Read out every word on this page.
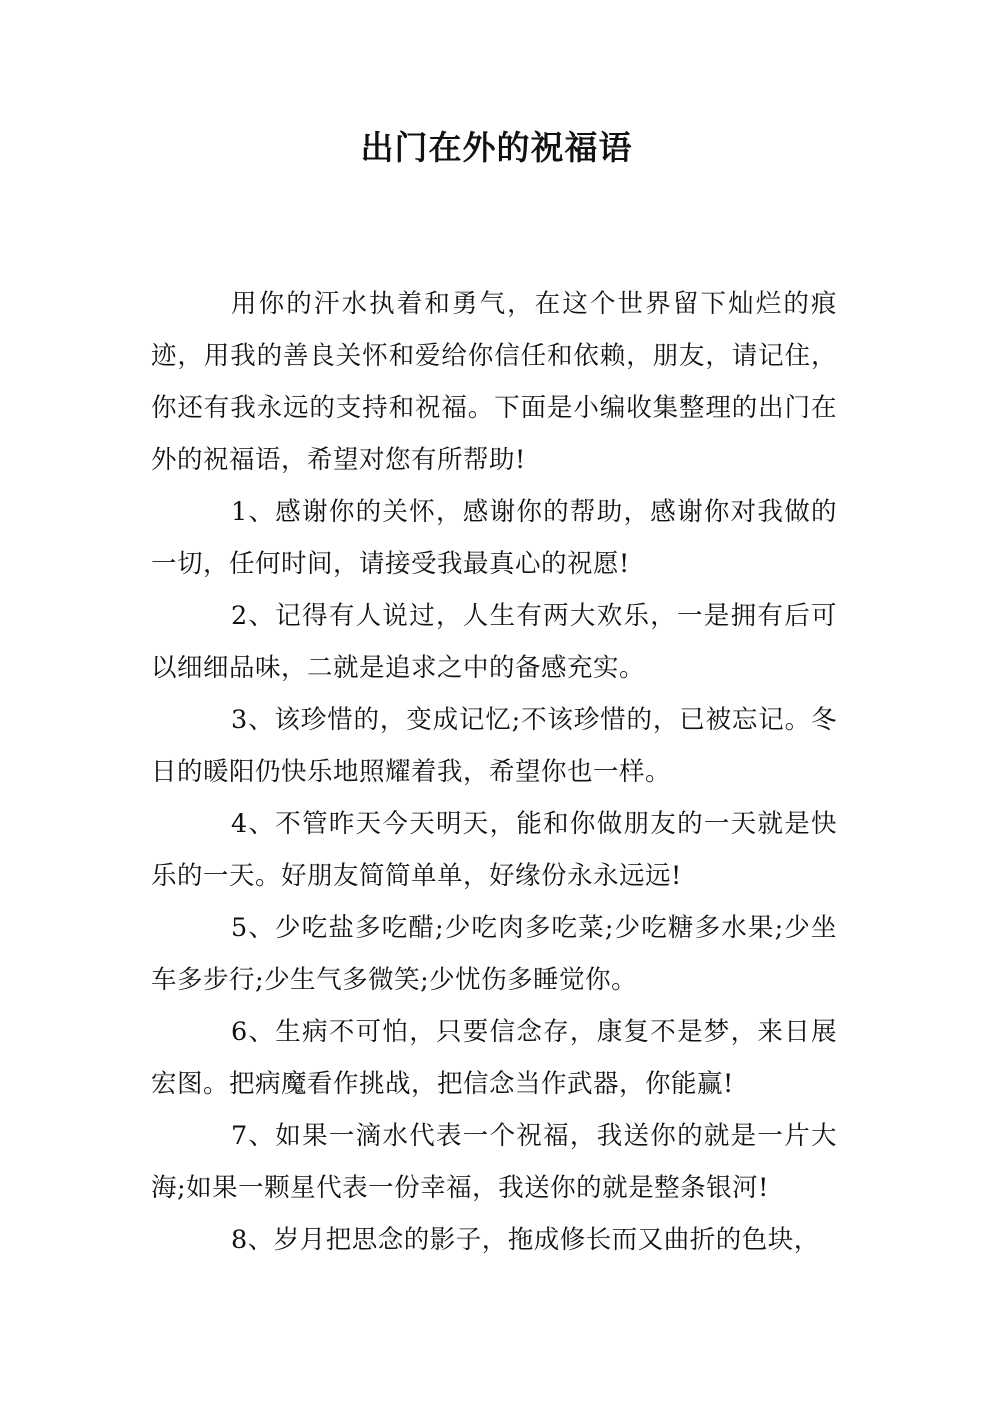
出门在外的祝福语

用你的汗水执着和勇气，在这个世界留下灿烂的痕迹，用我的善良关怀和爱给你信任和依赖，朋友，请记住，你还有我永远的支持和祝福。下面是小编收集整理的出门在外的祝福语，希望对您有所帮助!

1、感谢你的关怀，感谢你的帮助，感谢你对我做的一切，任何时间，请接受我最真心的祝愿!

2、记得有人说过，人生有两大欢乐，一是拥有后可以细细品味，二就是追求之中的备感充实。

3、该珍惜的，变成记忆;不该珍惜的，已被忘记。冬日的暖阳仍快乐地照耀着我，希望你也一样。

4、不管昨天今天明天，能和你做朋友的一天就是快乐的一天。好朋友简简单单，好缘份永永远远!

5、少吃盐多吃醋;少吃肉多吃菜;少吃糖多水果;少坐车多步行;少生气多微笑;少忧伤多睡觉你。

6、生病不可怕，只要信念存，康复不是梦，来日展宏图。把病魔看作挑战，把信念当作武器，你能赢!

7、如果一滴水代表一个祝福，我送你的就是一片大海;如果一颗星代表一份幸福，我送你的就是整条银河!

8、岁月把思念的影子，拖成修长而又曲折的色块，
